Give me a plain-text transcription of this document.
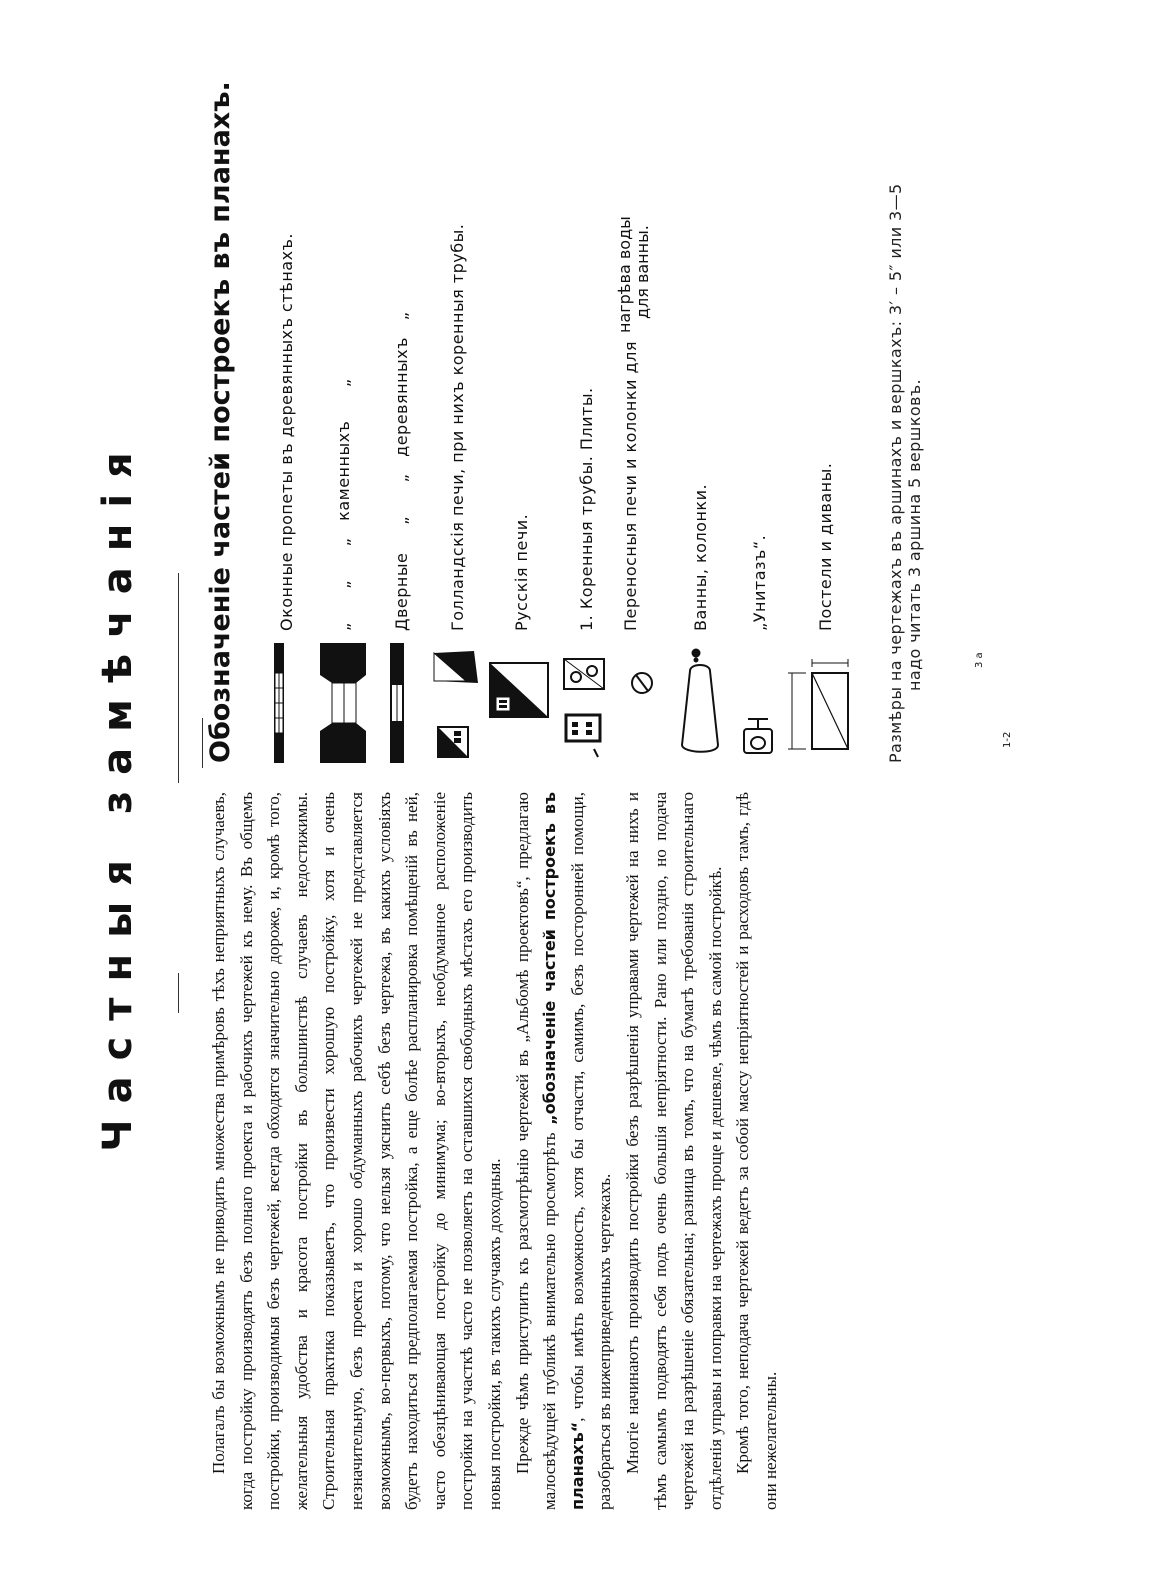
Частныя замѣчанія	Полагалъ бы возможнымъ не приводить множества примѣровъ тѣхъ неприятныхъ случаевъ, когда постройку производятъ безъ полнаго проекта и рабочихъ чертежей къ нему. Въ общемъ постройки, производимыя безъ чертежей, всегда обходятся значительно дороже, и, кромѣ того, желательныя удобства и красота постройки въ большинствѣ случаевъ недостижимы. Строительная практика показываетъ, что произвести хорошую постройку, хотя и очень незначительную, безъ проекта и хорошо обдуманныхъ рабочихъ чертежей не представляется возможнымъ, во-первыхъ, потому, что нельзя уяснить себѣ безъ чертежа, въ какихъ условіяхъ будетъ находиться предполагаемая постройка, а еще болѣе распланировка помѣщеній въ ней, часто обезцѣнивающая постройку до минимума; во-вторыхъ, необдуманное расположеніе постройки на участкѣ часто не позволяетъ на оставшихся свободныхъ мѣстахъ его производить новыя постройки, въ такихъ случаяхъ доходныя. Прежде чѣмъ приступить къ разсмотрѣнію чертежей въ „Альбомѣ проектовъ“, предлагаю малосвѣдущей публикѣ внимательно просмотрѣть „обозначеніе частей построекъ въ планахъ“, чтобы имѣть возможность, хотя бы отчасти, самимъ, безъ посторонней помощи, разобраться въ нижеприведенныхъ чертежахъ. Многіе начинаютъ производить постройки безъ разрѣшенія управами чертежей на нихъ и тѣмъ самымъ подводятъ себя подъ очень большія непріятности. Рано или поздно, но подача чертежей на разрѣшеніе обязательна; разница въ томъ, что на бумагѣ требованія строительнаго отдѣленія управы и поправки на чертежахъ проще и дешевле, чѣмъ въ самой постройкѣ. Кромѣ того, неподача чертежей ведетъ за собой массу непріятностей и расходовъ тамъ, гдѣ они нежелательны.

Обозначеніе частей построекъ въ планахъ.	Оконные пропеты въ деревянныхъ стѣнахъ. „      „      „   каменныхъ      „ Дверные     „      „   деревянныхъ   „ Голландскія печи, при нихъ коренныя трубы.	Русскія печи.	1. Коренныя трубы. Плиты.	Переносныя печи и колонки для
нагрѣва воды для ванны.
Ванны, колонки.	„Унитазъ“.	Постели и диваны.	Размѣры на чертежахъ въ аршинахъ и вершкахъ: 3′ – 5″ или 3—5 надо читать 3 аршина 5 вершковъ.
1-2
3 а
